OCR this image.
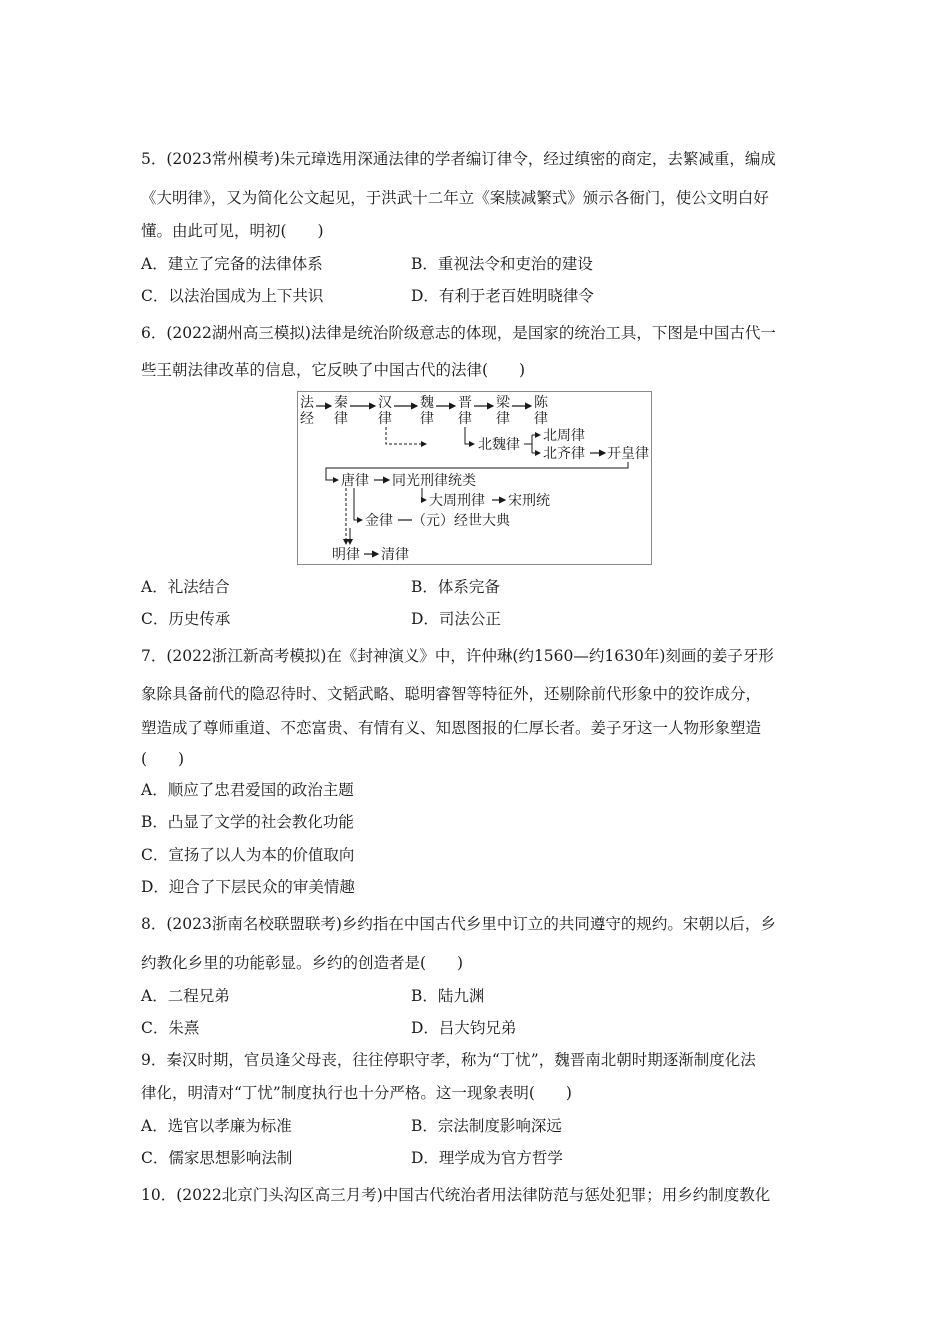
5．(2023常州模考)朱元璋选用深通法律的学者编订律令，经过缜密的商定，去繁减重，编成
《大明律》，又为简化公文起见，于洪武十二年立《案牍减繁式》颁示各衙门，使公文明白好
懂。由此可见，明初(　　)
A．建立了完备的法律体系	B．重视法令和吏治的建设
C．以法治国成为上下共识	D．有利于老百姓明晓律令
6．(2022湖州高三模拟)法律是统治阶级意志的体现，是国家的统治工具，下图是中国古代一
些王朝法律改革的信息，它反映了中国古代的法律(　　)
法
经
秦
律
汉
律
魏
律
晋
律
梁
律
陈
律
北魏律
北周律
北齐律 开皇律
唐律 同光刑律统类
大周刑律 宋刑统
金律 （元）经世大典
明律 清律
A．礼法结合	B．体系完备
C．历史传承	D．司法公正
7．(2022浙江新高考模拟)在《封神演义》中，许仲琳(约1560—约1630年)刻画的姜子牙形
象除具备前代的隐忍待时、文韬武略、聪明睿智等特征外，还剔除前代形象中的狡诈成分，
塑造成了尊师重道、不恋富贵、有情有义、知恩图报的仁厚长者。姜子牙这一人物形象塑造
(　　)
A．顺应了忠君爱国的政治主题
B．凸显了文学的社会教化功能
C．宣扬了以人为本的价值取向
D．迎合了下层民众的审美情趣
8．(2023浙南名校联盟联考)乡约指在中国古代乡里中订立的共同遵守的规约。宋朝以后，乡
约教化乡里的功能彰显。乡约的创造者是(　　)
A．二程兄弟	B．陆九渊
C．朱熹	D．吕大钧兄弟
9．秦汉时期，官员逢父母丧，往往停职守孝，称为“丁忧”，魏晋南北朝时期逐渐制度化法
律化，明清对“丁忧”制度执行也十分严格。这一现象表明(　　)
A．选官以孝廉为标准	B．宗法制度影响深远
C．儒家思想影响法制	D．理学成为官方哲学
10．(2022北京门头沟区高三月考)中国古代统治者用法律防范与惩处犯罪；用乡约制度教化
